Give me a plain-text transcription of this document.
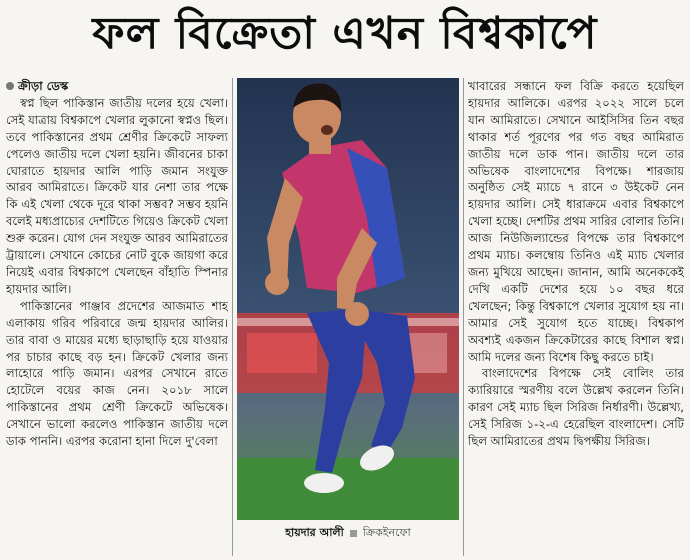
ফল বিক্রেতা এখন বিশ্বকাপে

ক্রীড়া ডেস্ক

স্বপ্ন ছিল পাকিস্তান জাতীয় দলের হয়ে খেলা। সেই যাত্রায় বিশ্বকাপে খেলার লুকানো স্বপ্নও ছিল। তবে পাকিস্তানের প্রথম শ্রেণীর ক্রিকেটে সাফল্য পেলেও জাতীয় দলে খেলা হয়নি। জীবনের চাকা ঘোরাতে হায়দার আলি পাড়ি জমান সংযুক্ত আরব আমিরাতে। ক্রিকেট যার নেশা তার পক্ষে কি এই খেলা থেকে দূরে থাকা সম্ভব? সম্ভব হয়নি বলেই মধ্যপ্রাচ্যের দেশটিতে গিয়েও ক্রিকেট খেলা শুরু করেন। যোগ দেন সংযুক্ত আরব আমিরাতের ট্রায়ালে। সেখানে কোচের নোট বুকে জায়গা করে নিয়েই এবার বিশ্বকাপে খেলছেন বাঁহাতি স্পিনার হায়দার আলি।

পাকিস্তানের পাঞ্জাব প্রদেশের আজমাত শাহ এলাকায় গরিব পরিবারে জন্ম হায়দার আলির। তার বাবা ও মায়ের মধ্যে ছাড়াছাড়ি হয়ে যাওয়ার পর চাচার কাছে বড় হন। ক্রিকেট খেলার জন্য লাহোরে পাড়ি জমান। এরপর সেখানে রাতে হোটেলে বয়ের কাজ নেন। ২০১৮ সালে পাকিস্তানের প্রথম শ্রেণী ক্রিকেটে অভিষেক। সেখানে ভালো করলেও পাকিস্তান জাতীয় দলে ডাক পাননি। এরপর করোনা হানা দিলে দু'বেলা

হায়দার আলী ক্রিকইনফো

খাবারের সন্ধানে ফল বিক্রি করতে হয়েছিল হায়দার আলিকে। এরপর ২০২২ সালে চলে যান আমিরাতে। সেখানে আইসিসির তিন বছর থাকার শর্ত পূরণের পর গত বছর আমিরাত জাতীয় দলে ডাক পান। জাতীয় দলে তার অভিষেক বাংলাদেশের বিপক্ষে। শারজায় অনুষ্ঠিত সেই ম্যাচে ৭ রানে ৩ উইকেট নেন হায়দার আলি। সেই ধারাক্রমে এবার বিশ্বকাপে খেলা হচ্ছে। দেশটির প্রথম সারির বোলার তিনি। আজ নিউজিল্যান্ডের বিপক্ষে তার বিশ্বকাপে প্রথম ম্যাচ। কলম্বোয় তিনিও এই ম্যাচ খেলার জন্য মুখিয়ে আছেন। জানান, আমি অনেককেই দেখি একটি দেশের হয়ে ১০ বছর ধরে খেলছেন; কিন্তু বিশ্বকাপে খেলার সুযোগ হয় না। আমার সেই সুযোগ হতে যাচ্ছে। বিশ্বকাপ অবশ্যই একজন ক্রিকেটারের কাছে বিশাল স্বপ্ন। আমি দলের জন্য বিশেষ কিছু করতে চাই।

বাংলাদেশের বিপক্ষে সেই বোলিং তার ক্যারিয়ারে স্মরণীয় বলে উল্লেখ করলেন তিনি। কারণ সেই ম্যাচ ছিল সিরিজ নির্ধারণী। উল্লেখ্য, সেই সিরিজ ১-২-এ হেরেছিল বাংলাদেশ। সেটি ছিল আমিরাতের প্রথম দ্বিপক্ষীয় সিরিজ।
